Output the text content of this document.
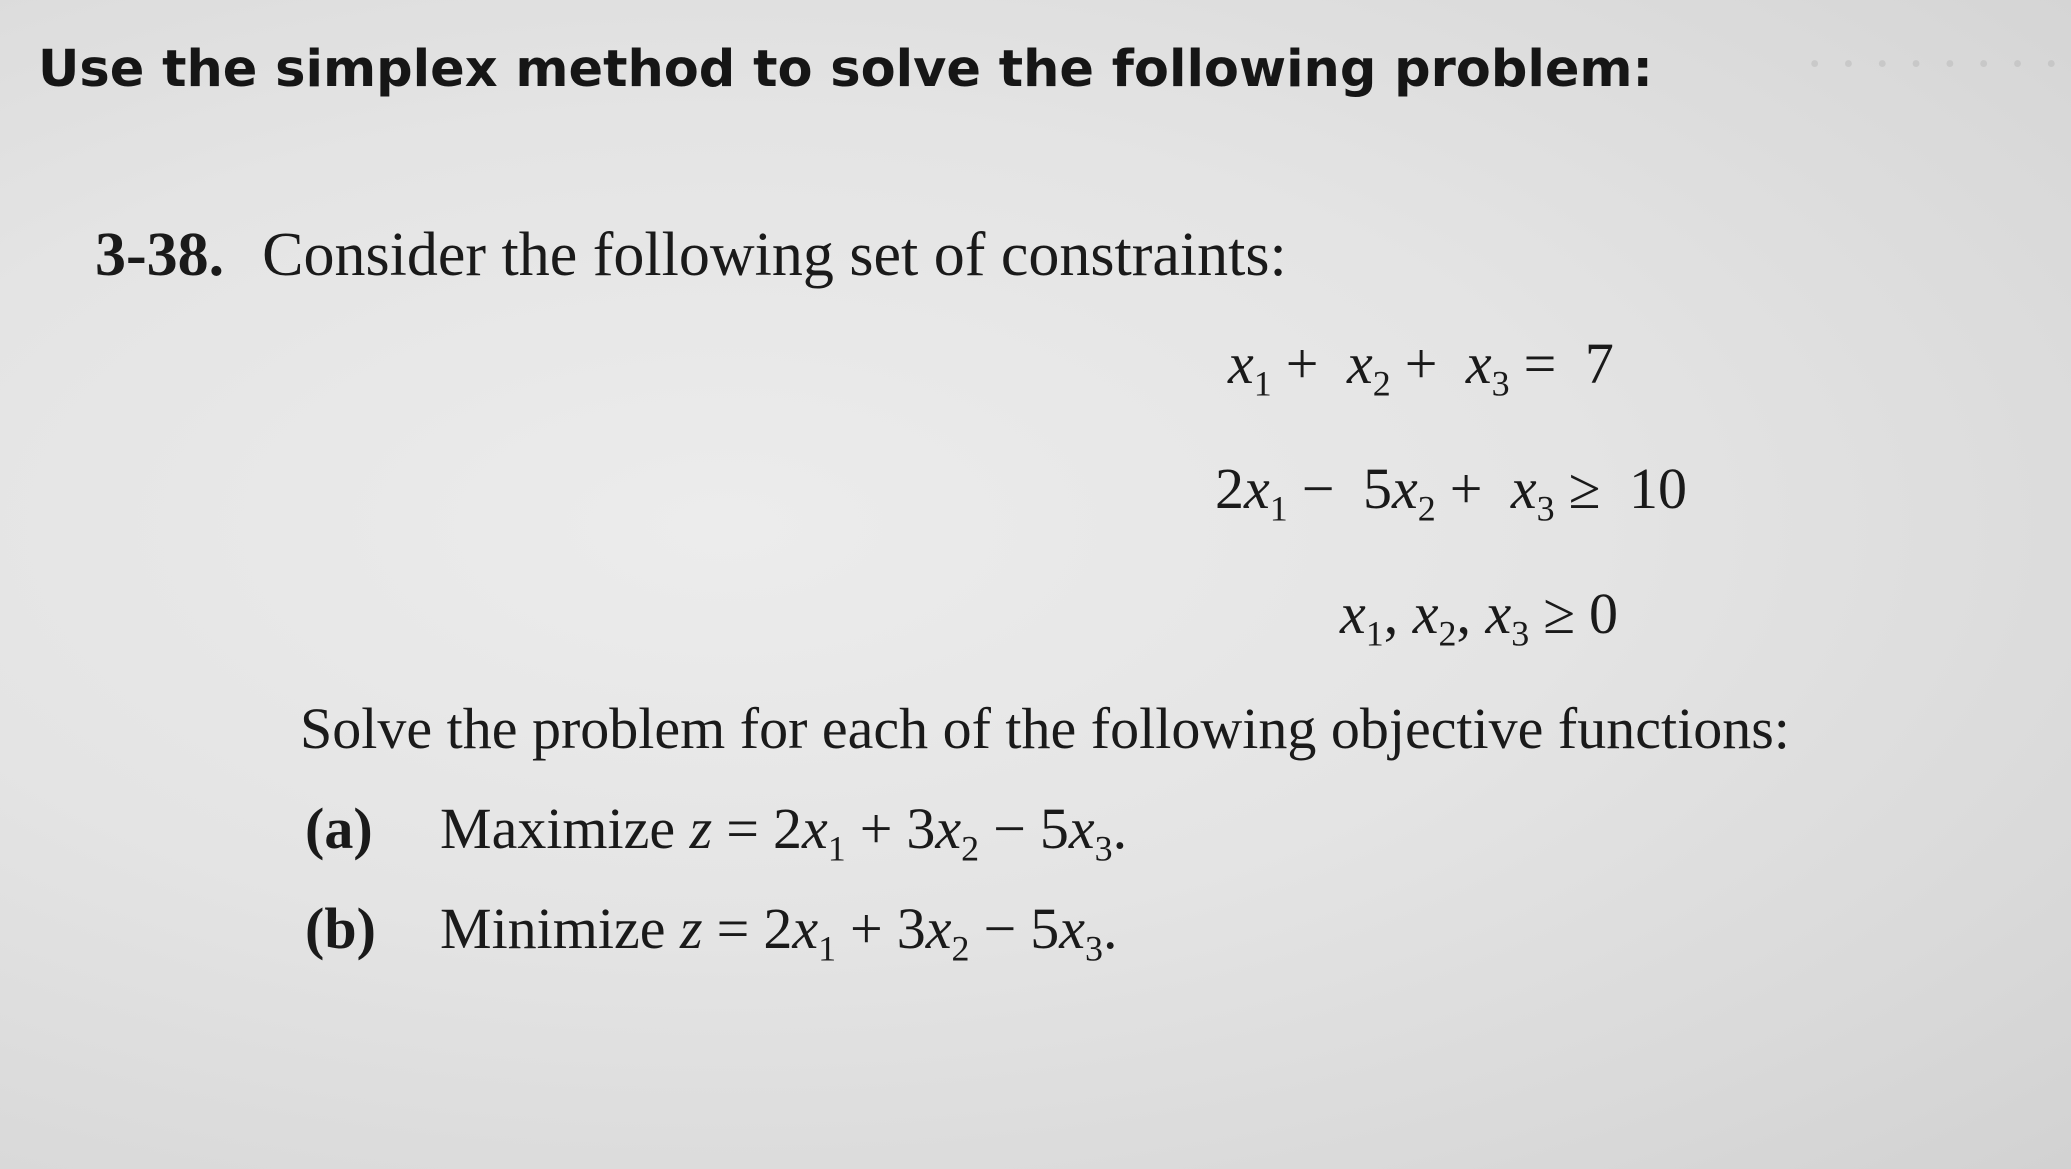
· · · · · · · ·
Use the simplex method to solve the following problem:
3-38. Consider the following set of constraints:
$x_1 + x_2 + x_3 = 7$
$2x_1 - 5x_2 + x_3 \ge 10$
$x_1$, $x_2$, $x_3 \ge 0$
Solve the problem for each of the following objective functions:
(a) Maximize $z = 2x_1 + 3x_2 - 5x_3$.
(b) Minimize $z = 2x_1 + 3x_2 - 5x_3$.
